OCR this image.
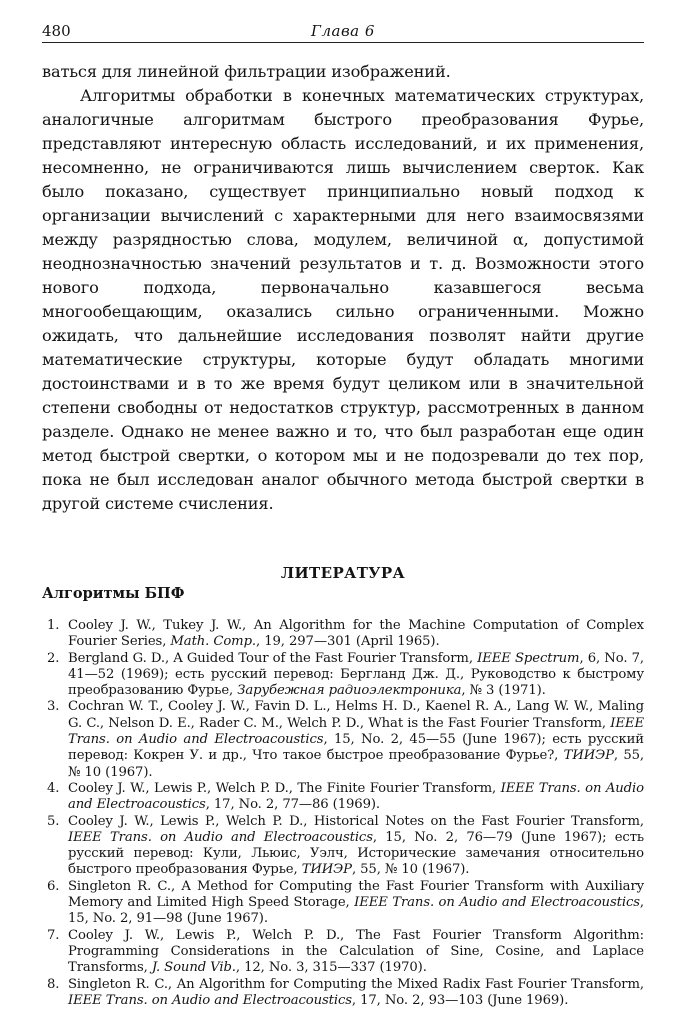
480	Глава 6

ваться для линейной фильтрации изображений.

Алгоритмы обработки в конечных математических структурах, аналогичные алгоритмам быстрого преобразования Фурье, представляют интересную область исследований, и их применения, несомненно, не ограничиваются лишь вычислением сверток. Как было показано, существует принципиально новый подход к организации вычислений с характерными для него взаимосвязями между разрядностью слова, модулем, величиной α, допустимой неоднозначностью значений результатов и т. д. Возможности этого нового подхода, первоначально казавшегося весьма многообещающим, оказались сильно ограниченными. Можно ожидать, что дальнейшие исследования позволят найти другие математические структуры, которые будут обладать многими достоинствами и в то же время будут целиком или в значительной степени свободны от недостатков структур, рассмотренных в данном разделе. Однако не менее важно и то, что был разработан еще один метод быстрой свертки, о котором мы и не подозревали до тех пор, пока не был исследован аналог обычного метода быстрой свертки в другой системе счисления.

ЛИТЕРАТУРА
Алгоритмы БПФ
1. Cooley J. W., Tukey J. W., An Algorithm for the Machine Computation of Complex Fourier Series, Math. Comp., 19, 297—301 (April 1965).
2. Bergland G. D., A Guided Tour of the Fast Fourier Transform, IEEE Spectrum, 6, No. 7, 41—52 (1969); есть русский перевод: Бергланд Дж. Д., Руководство к быстрому преобразованию Фурье, Зарубежная радиоэлектроника, № 3 (1971).
3. Cochran W. T., Cooley J. W., Favin D. L., Helms H. D., Kaenel R. A., Lang W. W., Maling G. C., Nelson D. E., Rader C. M., Welch P. D., What is the Fast Fourier Transform, IEEE Trans. on Audio and Electroacoustics, 15, No. 2, 45—55 (June 1967); есть русский перевод: Кокрен У. и др., Что такое быстрое преобразование Фурье?, ТИИЭР, 55, № 10 (1967).
4. Cooley J. W., Lewis P., Welch P. D., The Finite Fourier Transform, IEEE Trans. on Audio and Electroacoustics, 17, No. 2, 77—86 (1969).
5. Cooley J. W., Lewis P., Welch P. D., Historical Notes on the Fast Fourier Transform, IEEE Trans. on Audio and Electroacoustics, 15, No. 2, 76—79 (June 1967); есть русский перевод: Кули, Льюис, Уэлч, Исторические замечания относительно быстрого преобразования Фурье, ТИИЭР, 55, № 10 (1967).
6. Singleton R. C., A Method for Computing the Fast Fourier Transform with Auxiliary Memory and Limited High Speed Storage, IEEE Trans. on Audio and Electroacoustics, 15, No. 2, 91—98 (June 1967).
7. Cooley J. W., Lewis P., Welch P. D., The Fast Fourier Transform Algorithm: Programming Considerations in the Calculation of Sine, Cosine, and Laplace Transforms, J. Sound Vib., 12, No. 3, 315—337 (1970).
8. Singleton R. C., An Algorithm for Computing the Mixed Radix Fast Fourier Transform, IEEE Trans. on Audio and Electroacoustics, 17, No. 2, 93—103 (June 1969).
